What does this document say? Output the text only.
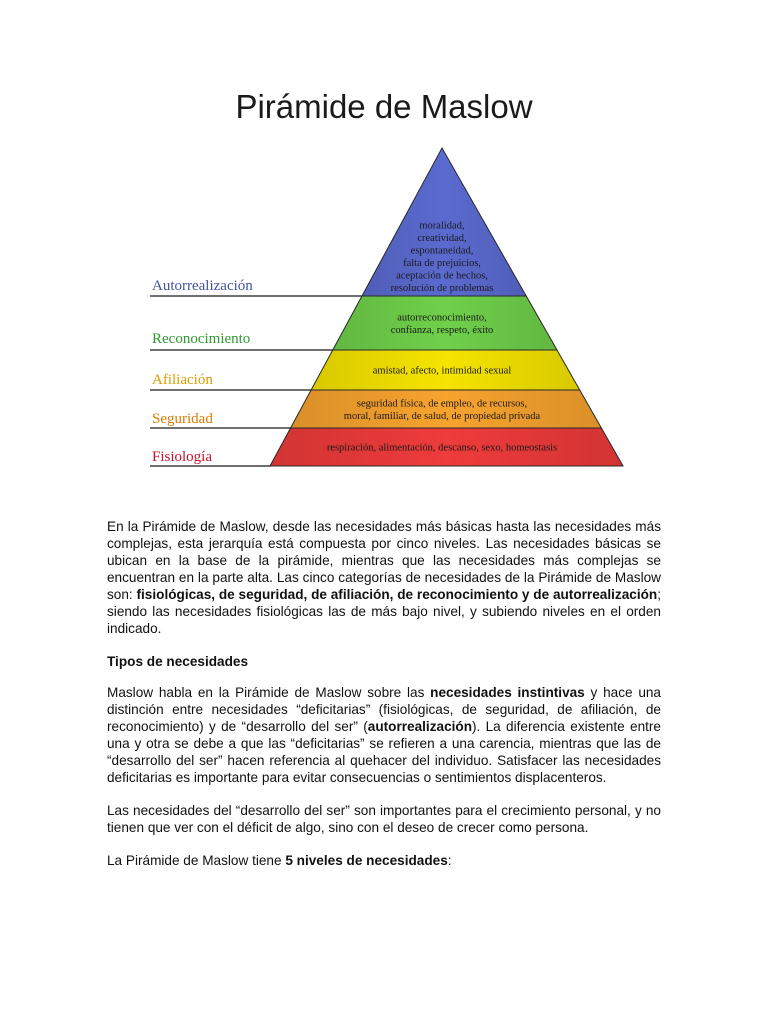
Pirámide de Maslow
moralidad,
creatividad,
espontaneidad,
falta de prejuicios,
aceptación de hechos,
resolución de problemas
Autorrealización
autorreconocimiento,
confianza, respeto, éxito
Reconocimiento
amistad, afecto, intimidad sexual
Afiliación
seguridad física, de empleo, de recursos,
moral, familiar, de salud, de propiedad privada
Seguridad
respiración, alimentación, descanso, sexo, homeostasis
Fisiología

En la Pirámide de Maslow, desde las necesidades más básicas hasta las necesidades más complejas, esta jerarquía está compuesta por cinco niveles. Las necesidades básicas se ubican en la base de la pirámide, mientras que las necesidades más complejas se encuentran en la parte alta. Las cinco categorías de necesidades de la Pirámide de Maslow son: fisiológicas, de seguridad, de afiliación, de reconocimiento y de autorrealización; siendo las necesidades fisiológicas las de más bajo nivel, y subiendo niveles en el orden indicado.

Tipos de necesidades

Maslow habla en la Pirámide de Maslow sobre las necesidades instintivas y hace una distinción entre necesidades “deficitarias” (fisiológicas, de seguridad, de afiliación, de reconocimiento) y de “desarrollo del ser” (autorrealización). La diferencia existente entre una y otra se debe a que las “deficitarias” se refieren a una carencia, mientras que las de “desarrollo del ser” hacen referencia al quehacer del individuo. Satisfacer las necesidades deficitarias es importante para evitar consecuencias o sentimientos displacenteros.

Las necesidades del “desarrollo del ser” son importantes para el crecimiento personal, y no tienen que ver con el déficit de algo, sino con el deseo de crecer como persona.

La Pirámide de Maslow tiene 5 niveles de necesidades:
